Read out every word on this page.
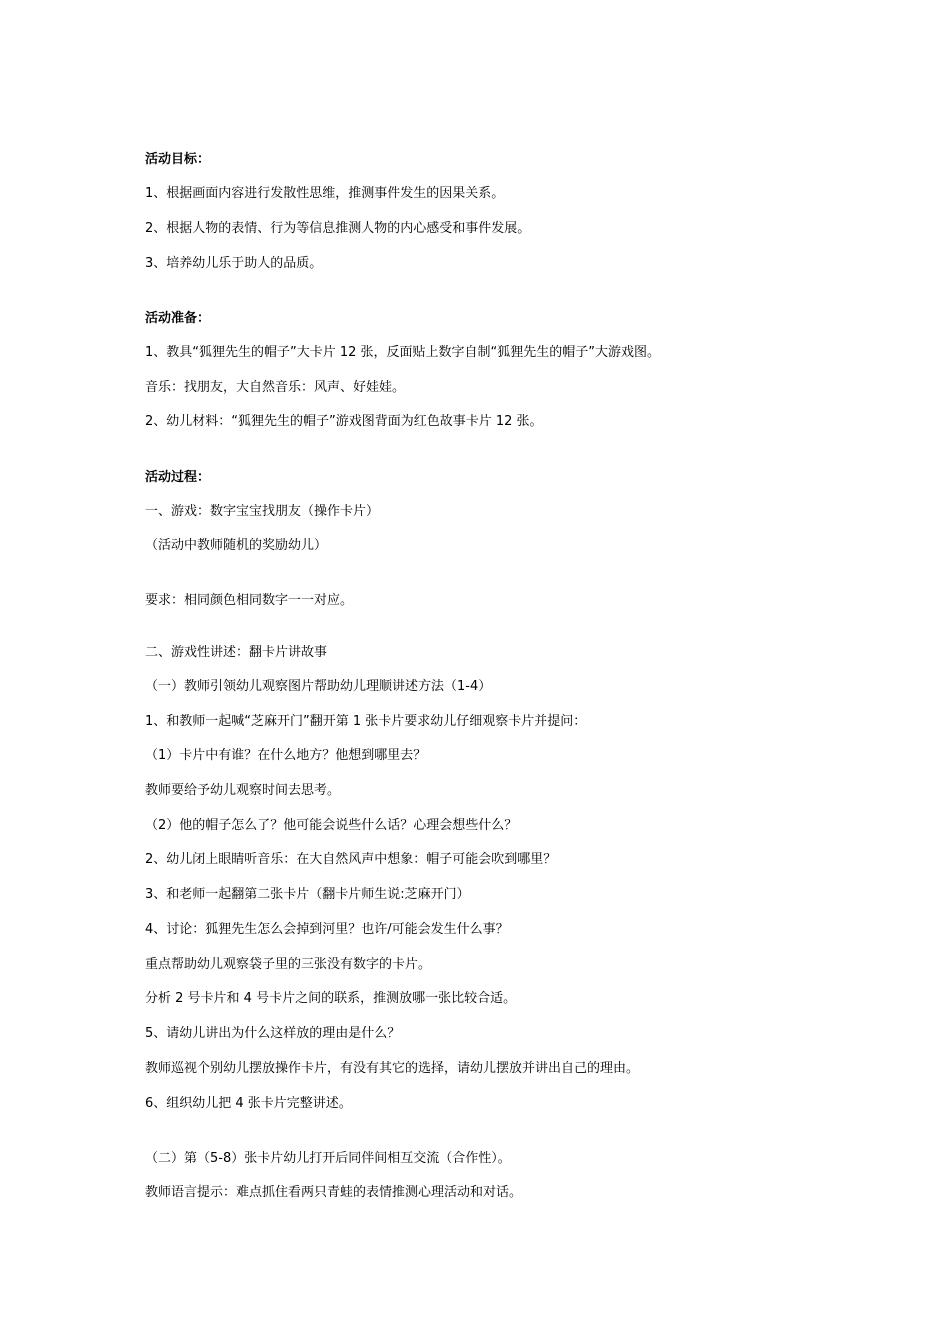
活动目标：
1、根据画面内容进行发散性思维，推测事件发生的因果关系。
2、根据人物的表情、行为等信息推测人物的内心感受和事件发展。
3、培养幼儿乐于助人的品质。
活动准备：
1、教具“狐狸先生的帽子”大卡片 12 张，反面贴上数字自制“狐狸先生的帽子”大游戏图。
音乐：找朋友，大自然音乐：风声、好娃娃。
2、幼儿材料：“狐狸先生的帽子”游戏图背面为红色故事卡片 12 张。
活动过程：
一、游戏：数字宝宝找朋友（操作卡片）
（活动中教师随机的奖励幼儿）
要求：相同颜色相同数字一一对应。
二、游戏性讲述：翻卡片讲故事
（一）教师引领幼儿观察图片帮助幼儿理顺讲述方法（1-4）
1、和教师一起喊“芝麻开门”翻开第 1 张卡片要求幼儿仔细观察卡片并提问：
（1）卡片中有谁？在什么地方？他想到哪里去？
教师要给予幼儿观察时间去思考。
（2）他的帽子怎么了？他可能会说些什么话？心理会想些什么？
2、幼儿闭上眼睛听音乐：在大自然风声中想象：帽子可能会吹到哪里？
3、和老师一起翻第二张卡片（翻卡片师生说:芝麻开门）
4、讨论：狐狸先生怎么会掉到河里？也许/可能会发生什么事？
重点帮助幼儿观察袋子里的三张没有数字的卡片。
分析 2 号卡片和 4 号卡片之间的联系，推测放哪一张比较合适。
5、请幼儿讲出为什么这样放的理由是什么？
教师巡视个别幼儿摆放操作卡片，有没有其它的选择，请幼儿摆放并讲出自己的理由。
6、组织幼儿把 4 张卡片完整讲述。
（二）第（5-8）张卡片幼儿打开后同伴间相互交流（合作性）。
教师语言提示：难点抓住看两只青蛙的表情推测心理活动和对话。
